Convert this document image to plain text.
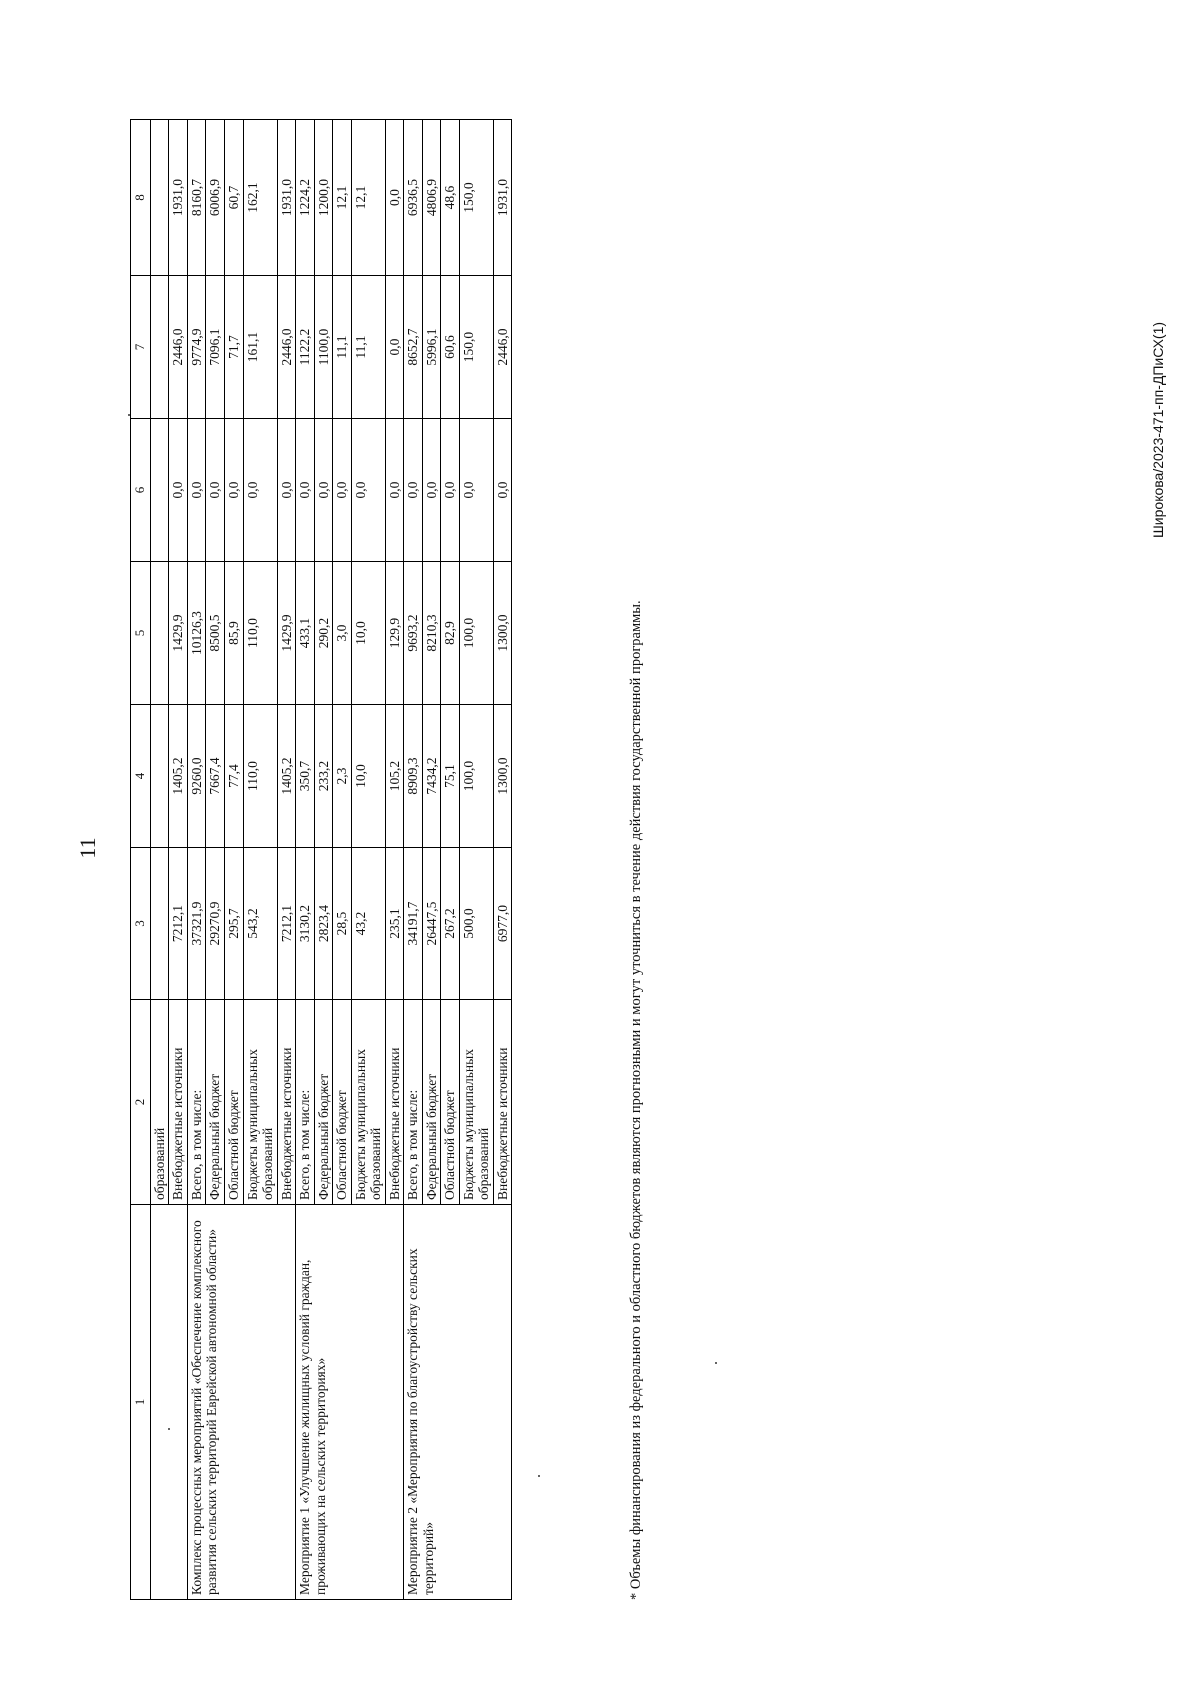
11
Широкова/2023-471-пп-ДПиСХ(1)
1	2	3	4	5	6	7	8
	образований						
	Внебюджетные источники	7212,1	1405,2	1429,9	0,0	2446,0	1931,0
Комплекс процессных мероприятий «Обеспечение комплексного развития сельских территорий Еврейской автономной области»	Всего, в том числе:	37321,9	9260,0	10126,3	0,0	9774,9	8160,7
	Федеральный бюджет	29270,9	7667,4	8500,5	0,0	7096,1	6006,9
	Областной бюджет	295,7	77,4	85,9	0,0	71,7	60,7
	Бюджеты муниципальных образований	543,2	110,0	110,0	0,0	161,1	162,1
	Внебюджетные источники	7212,1	1405,2	1429,9	0,0	2446,0	1931,0
Мероприятие 1 «Улучшение жилищных условий граждан, проживающих на сельских территориях»	Всего, в том числе:	3130,2	350,7	433,1	0,0	1122,2	1224,2
	Федеральный бюджет	2823,4	233,2	290,2	0,0	1100,0	1200,0
	Областной бюджет	28,5	2,3	3,0	0,0	11,1	12,1
	Бюджеты муниципальных образований	43,2	10,0	10,0	0,0	11,1	12,1
	Внебюджетные источники	235,1	105,2	129,9	0,0	0,0	0,0
Мероприятие 2 «Мероприятия по благоустройству сельских территорий»	Всего, в том числе:	34191,7	8909,3	9693,2	0,0	8652,7	6936,5
	Федеральный бюджет	26447,5	7434,2	8210,3	0,0	5996,1	4806,9
	Областной бюджет	267,2	75,1	82,9	0,0	60,6	48,6
	Бюджеты муниципальных образований	500,0	100,0	100,0	0,0	150,0	150,0
	Внебюджетные источники	6977,0	1300,0	1300,0	0,0	2446,0	1931,0
* Объемы финансирования из федерального и областного бюджетов являются прогнозными и могут уточниться в течение действия государственной программы.
